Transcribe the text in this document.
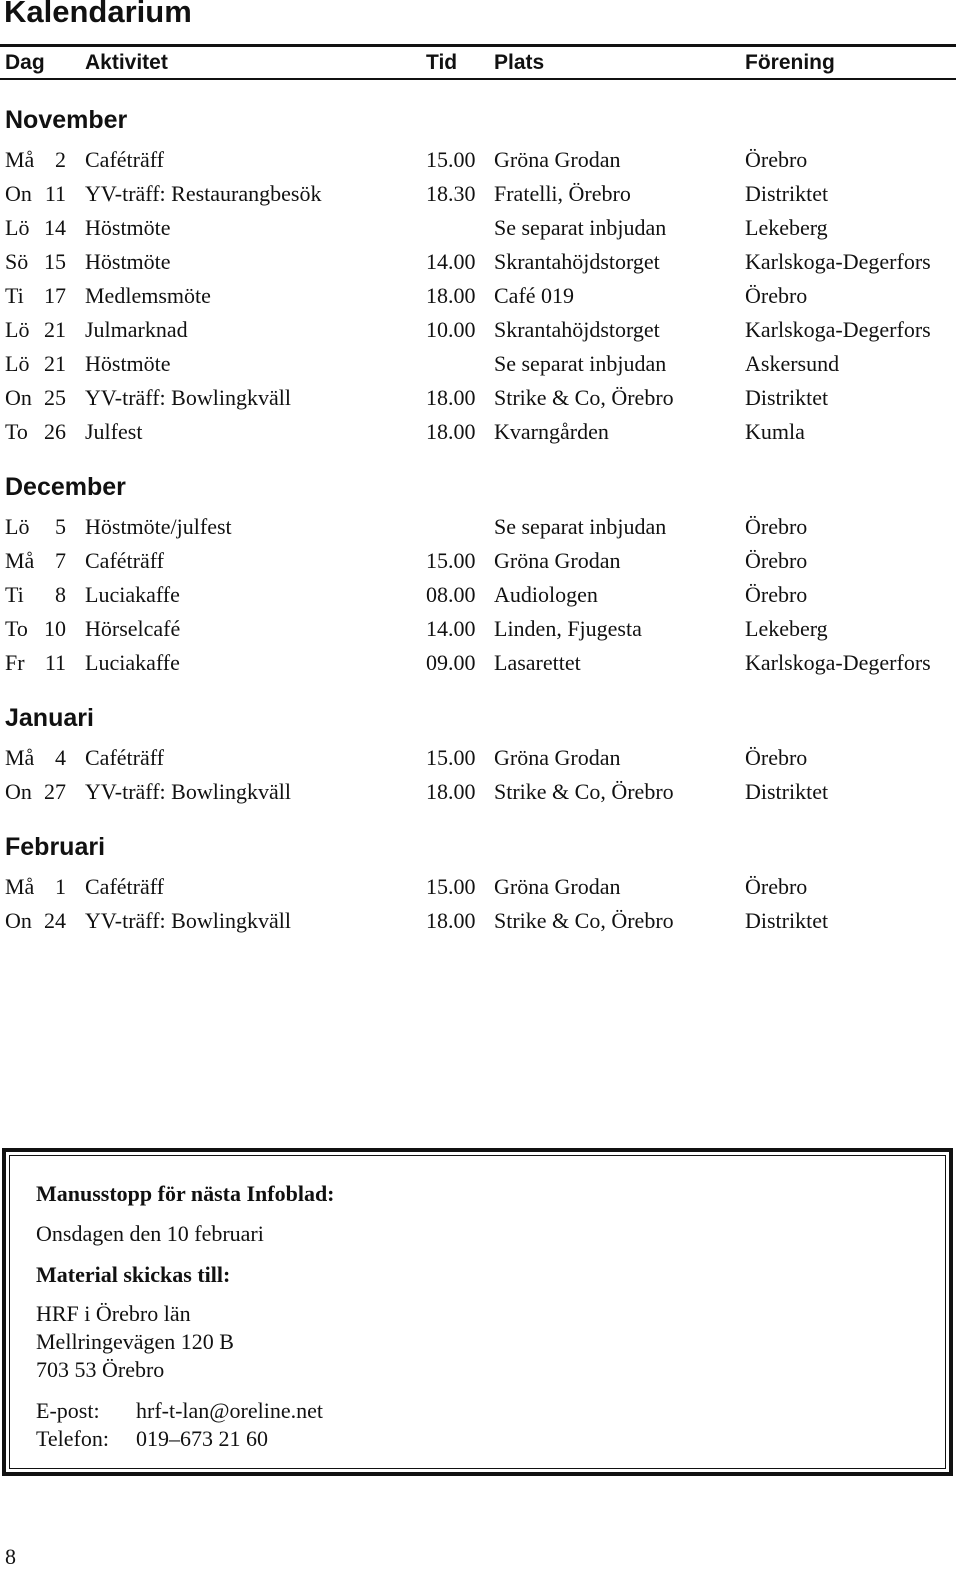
Kalendarium
Dag Aktivitet	Tid Plats	Förening
November
Må 2 Caféträff	15.00 Gröna Grodan	Örebro
On 11 YV-träff: Restaurangbesök	18.30 Fratelli, Örebro	Distriktet
Lö 14 Höstmöte	Se separat inbjudan	Lekeberg
Sö 15 Höstmöte	14.00 Skrantahöjdstorget	Karlskoga-Degerfors
Ti 17 Medlemsmöte	18.00 Café 019	Örebro
Lö 21 Julmarknad	10.00 Skrantahöjdstorget	Karlskoga-Degerfors
Lö 21 Höstmöte	Se separat inbjudan	Askersund
On 25 YV-träff: Bowlingkväll	18.00 Strike & Co, Örebro	Distriktet
To 26 Julfest	18.00 Kvarngården	Kumla
December
Lö	5 Höstmöte/julfest	Se separat inbjudan	Örebro
Må 7 Caféträff	15.00 Gröna Grodan	Örebro
Ti	8 Luciakaffe	08.00 Audiologen	Örebro
To 10 Hörselcafé	14.00 Linden, Fjugesta	Lekeberg
Fr 11 Luciakaffe	09.00 Lasarettet	Karlskoga-Degerfors
Januari
Må 4 Caféträff	15.00 Gröna Grodan	Örebro
On 27 YV-träff: Bowlingkväll	18.00 Strike & Co, Örebro	Distriktet
Februari
Må 1 Caféträff	15.00 Gröna Grodan	Örebro
On 24 YV-träff: Bowlingkväll	18.00 Strike & Co, Örebro	Distriktet
Manusstopp för nästa Infoblad:
Onsdagen den 10 februari
Material skickas till:
HRF i Örebro län
Mellringevägen 120 B
703 53 Örebro
E-post: hrf-t-lan@oreline.net
Telefon: 019–673 21 60
8
